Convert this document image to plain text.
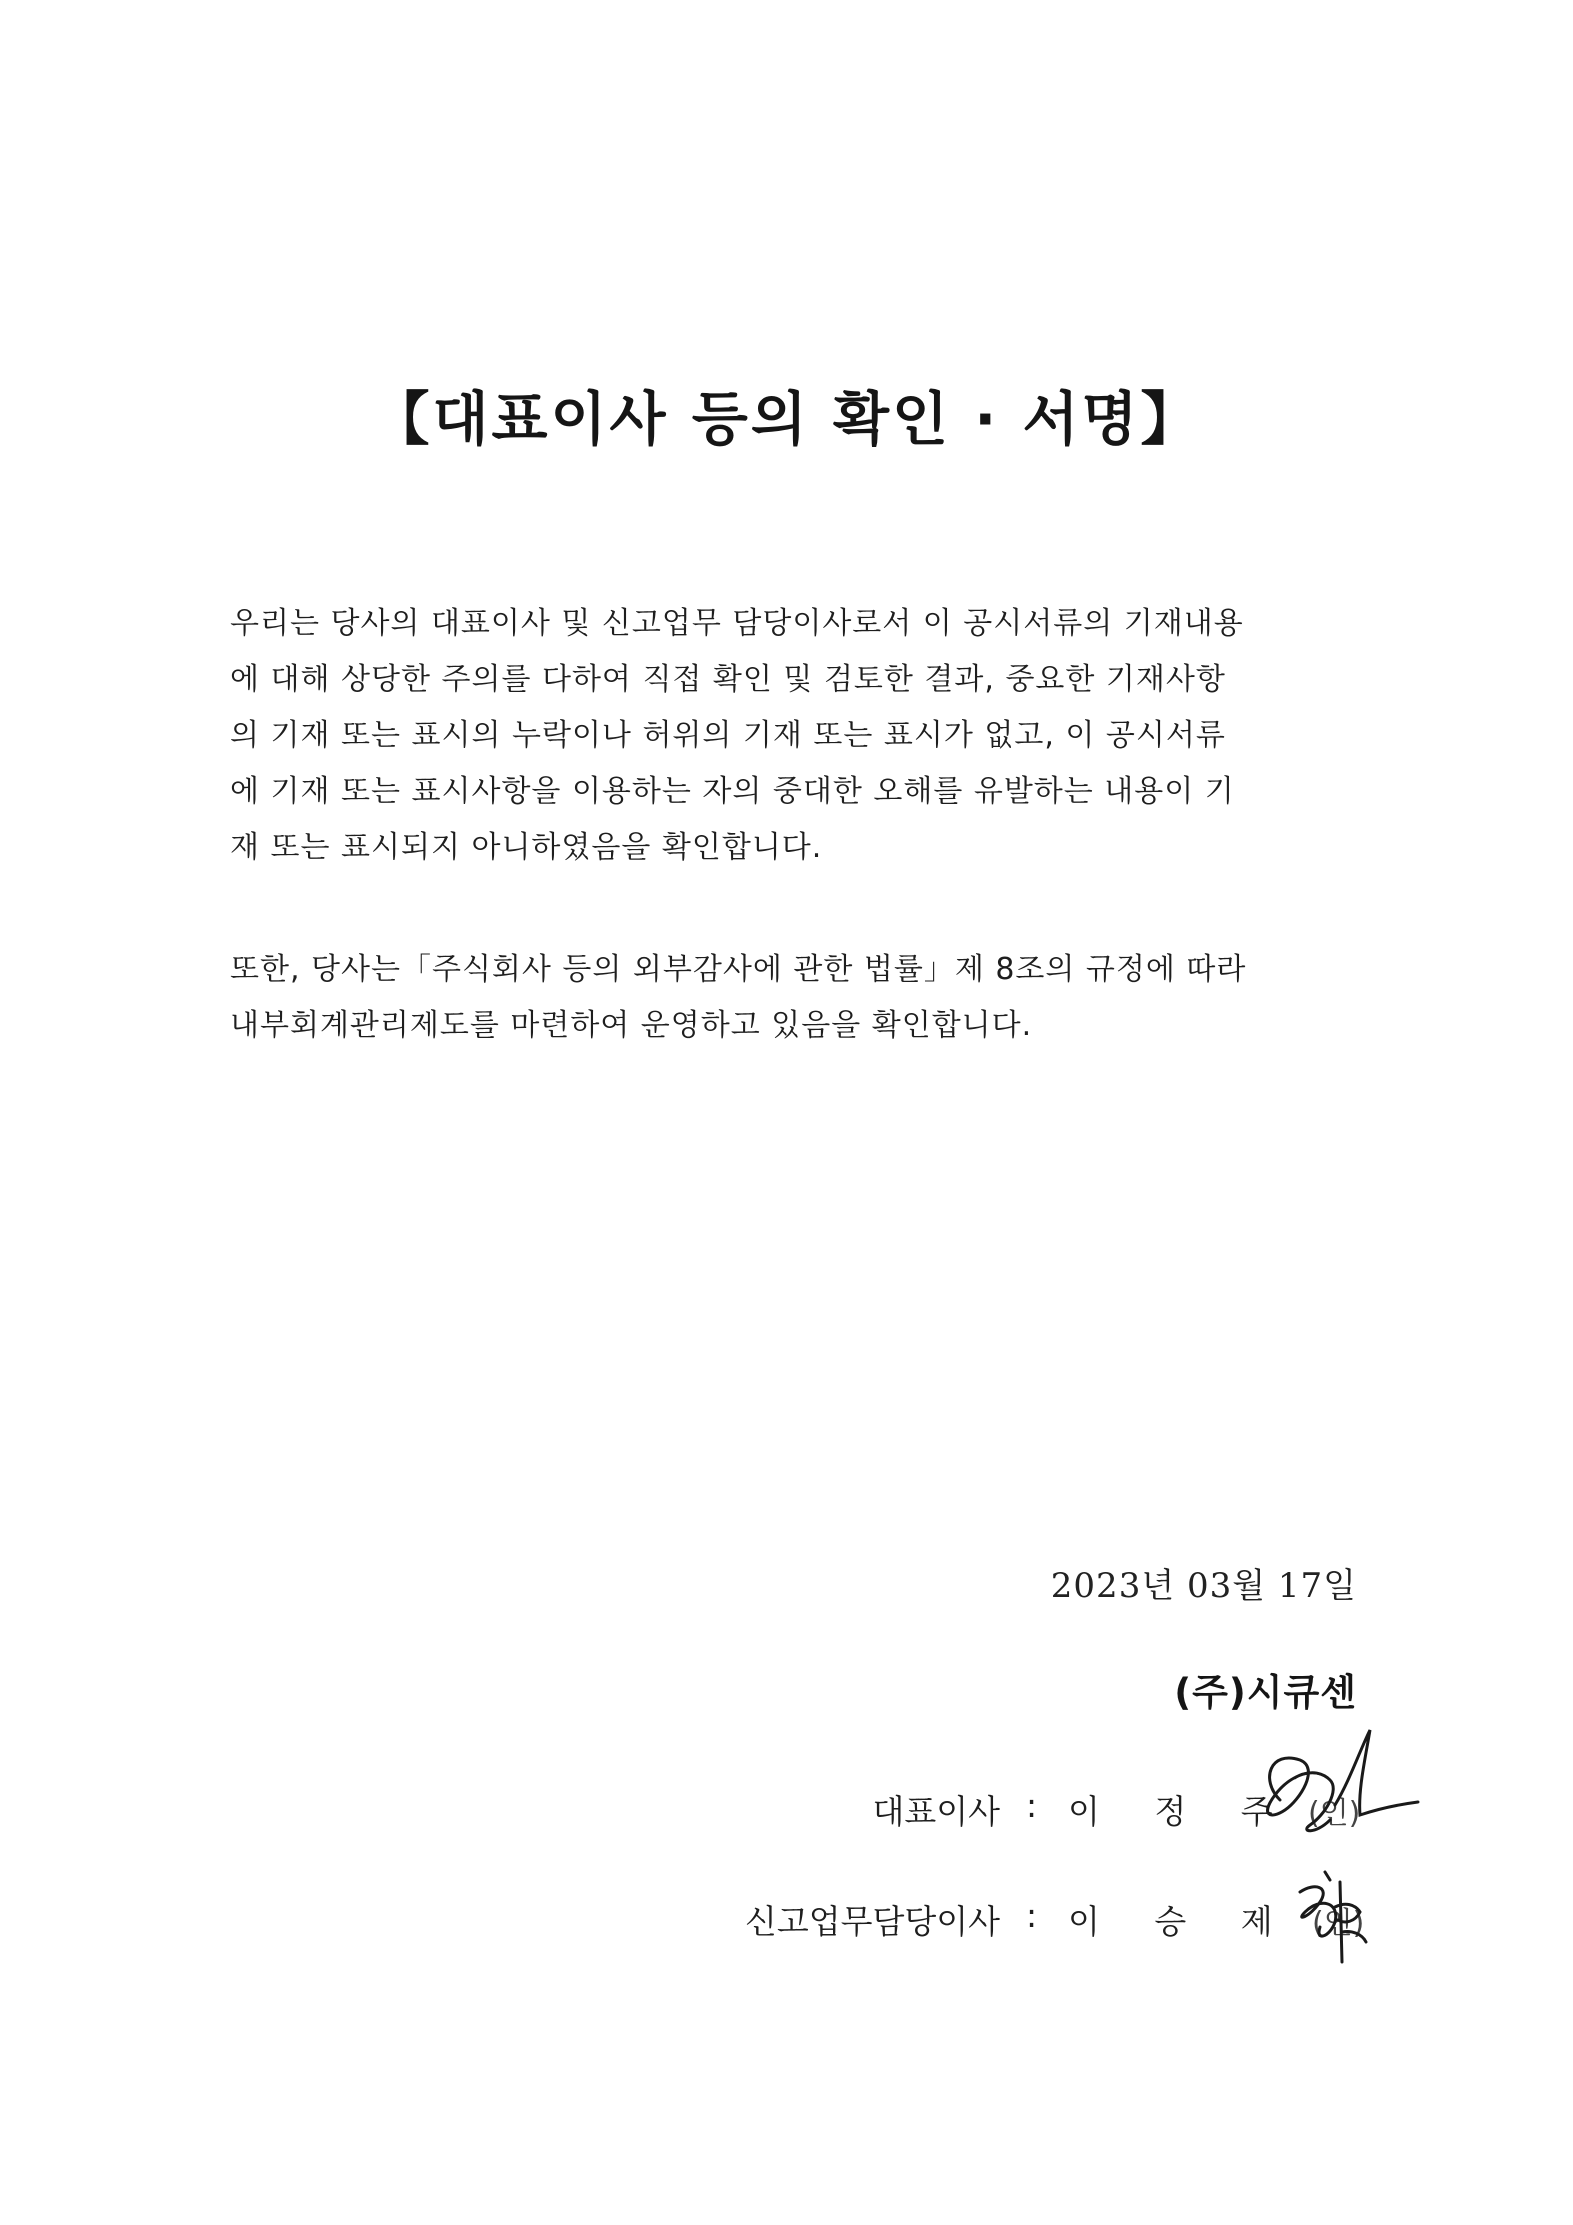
【대표이사 등의 확인 · 서명】

우리는 당사의 대표이사 및 신고업무 담당이사로서 이 공시서류의 기재내용
에 대해 상당한 주의를 다하여 직접 확인 및 검토한 결과, 중요한 기재사항
의 기재 또는 표시의 누락이나 허위의 기재 또는 표시가 없고, 이 공시서류
에 기재 또는 표시사항을 이용하는 자의 중대한 오해를 유발하는 내용이 기
재 또는 표시되지 아니하였음을 확인합니다.

또한, 당사는「주식회사 등의 외부감사에 관한 법률」제 8조의 규정에 따라
내부회계관리제도를 마련하여 운영하고 있음을 확인합니다.

2023년 03월 17일
(주)시큐센
대표이사 : 이 정 주 (인)
신고업무담당이사 : 이 승 제 (인)
